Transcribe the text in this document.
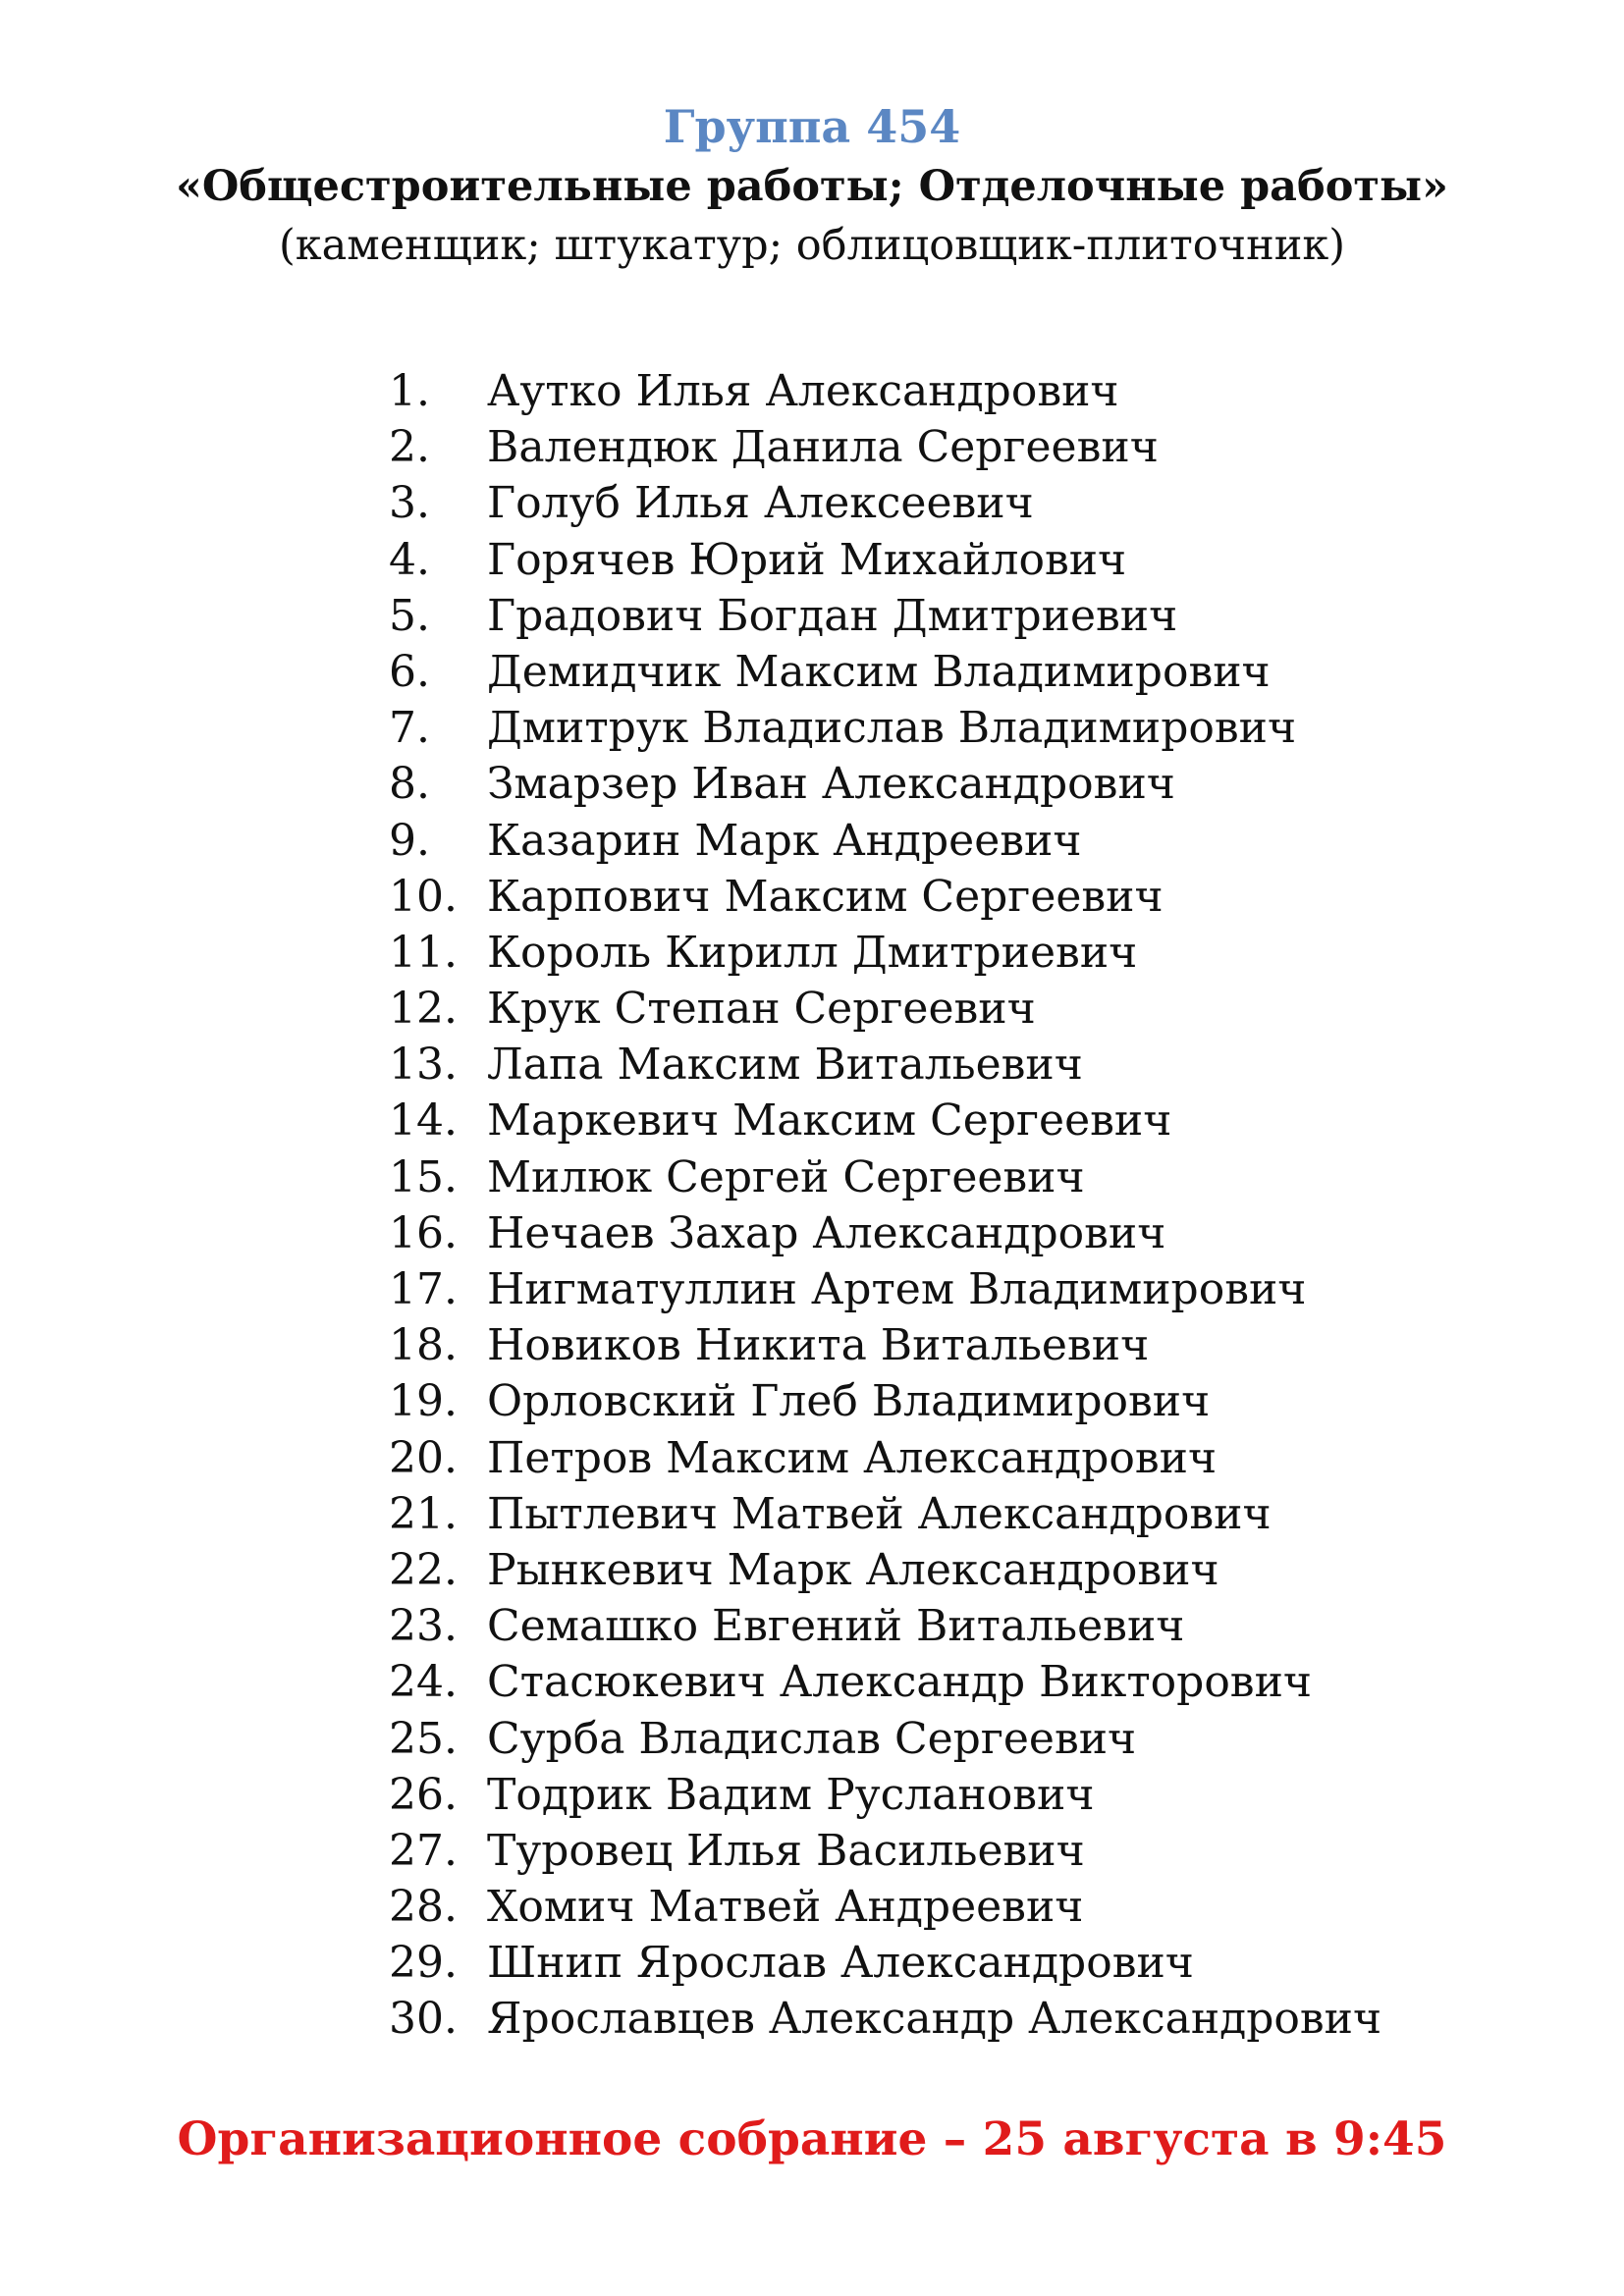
Группа 454

«Общестроительные работы; Отделочные работы»

(каменщик; штукатур; облицовщик-плиточник)

1.	Аутко Илья Александрович
2.	Валендюк Данила Сергеевич
3.	Голуб Илья Алексеевич
4.	Горячев Юрий Михайлович
5.	Градович Богдан Дмитриевич
6.	Демидчик Максим Владимирович
7.	Дмитрук Владислав Владимирович
8.	Змарзер Иван Александрович
9.	Казарин Марк Андреевич
10. Карпович Максим Сергеевич
11. Король Кирилл Дмитриевич
12. Крук Степан Сергеевич
13. Лапа Максим Витальевич
14. Маркевич Максим Сергеевич
15. Милюк Сергей Сергеевич
16. Нечаев Захар Александрович
17. Нигматуллин Артем Владимирович
18. Новиков Никита Витальевич
19. Орловский Глеб Владимирович
20. Петров Максим Александрович
21. Пытлевич Матвей Александрович
22. Рынкевич Марк Александрович
23. Семашко Евгений Витальевич
24. Стасюкевич Александр Викторович
25. Сурба Владислав Сергеевич
26. Тодрик Вадим Русланович
27. Туровец Илья Васильевич
28. Хомич Матвей Андреевич
29. Шнип Ярослав Александрович
30. Ярославцев Александр Александрович

Организационное собрание – 25 августа в 9:45
